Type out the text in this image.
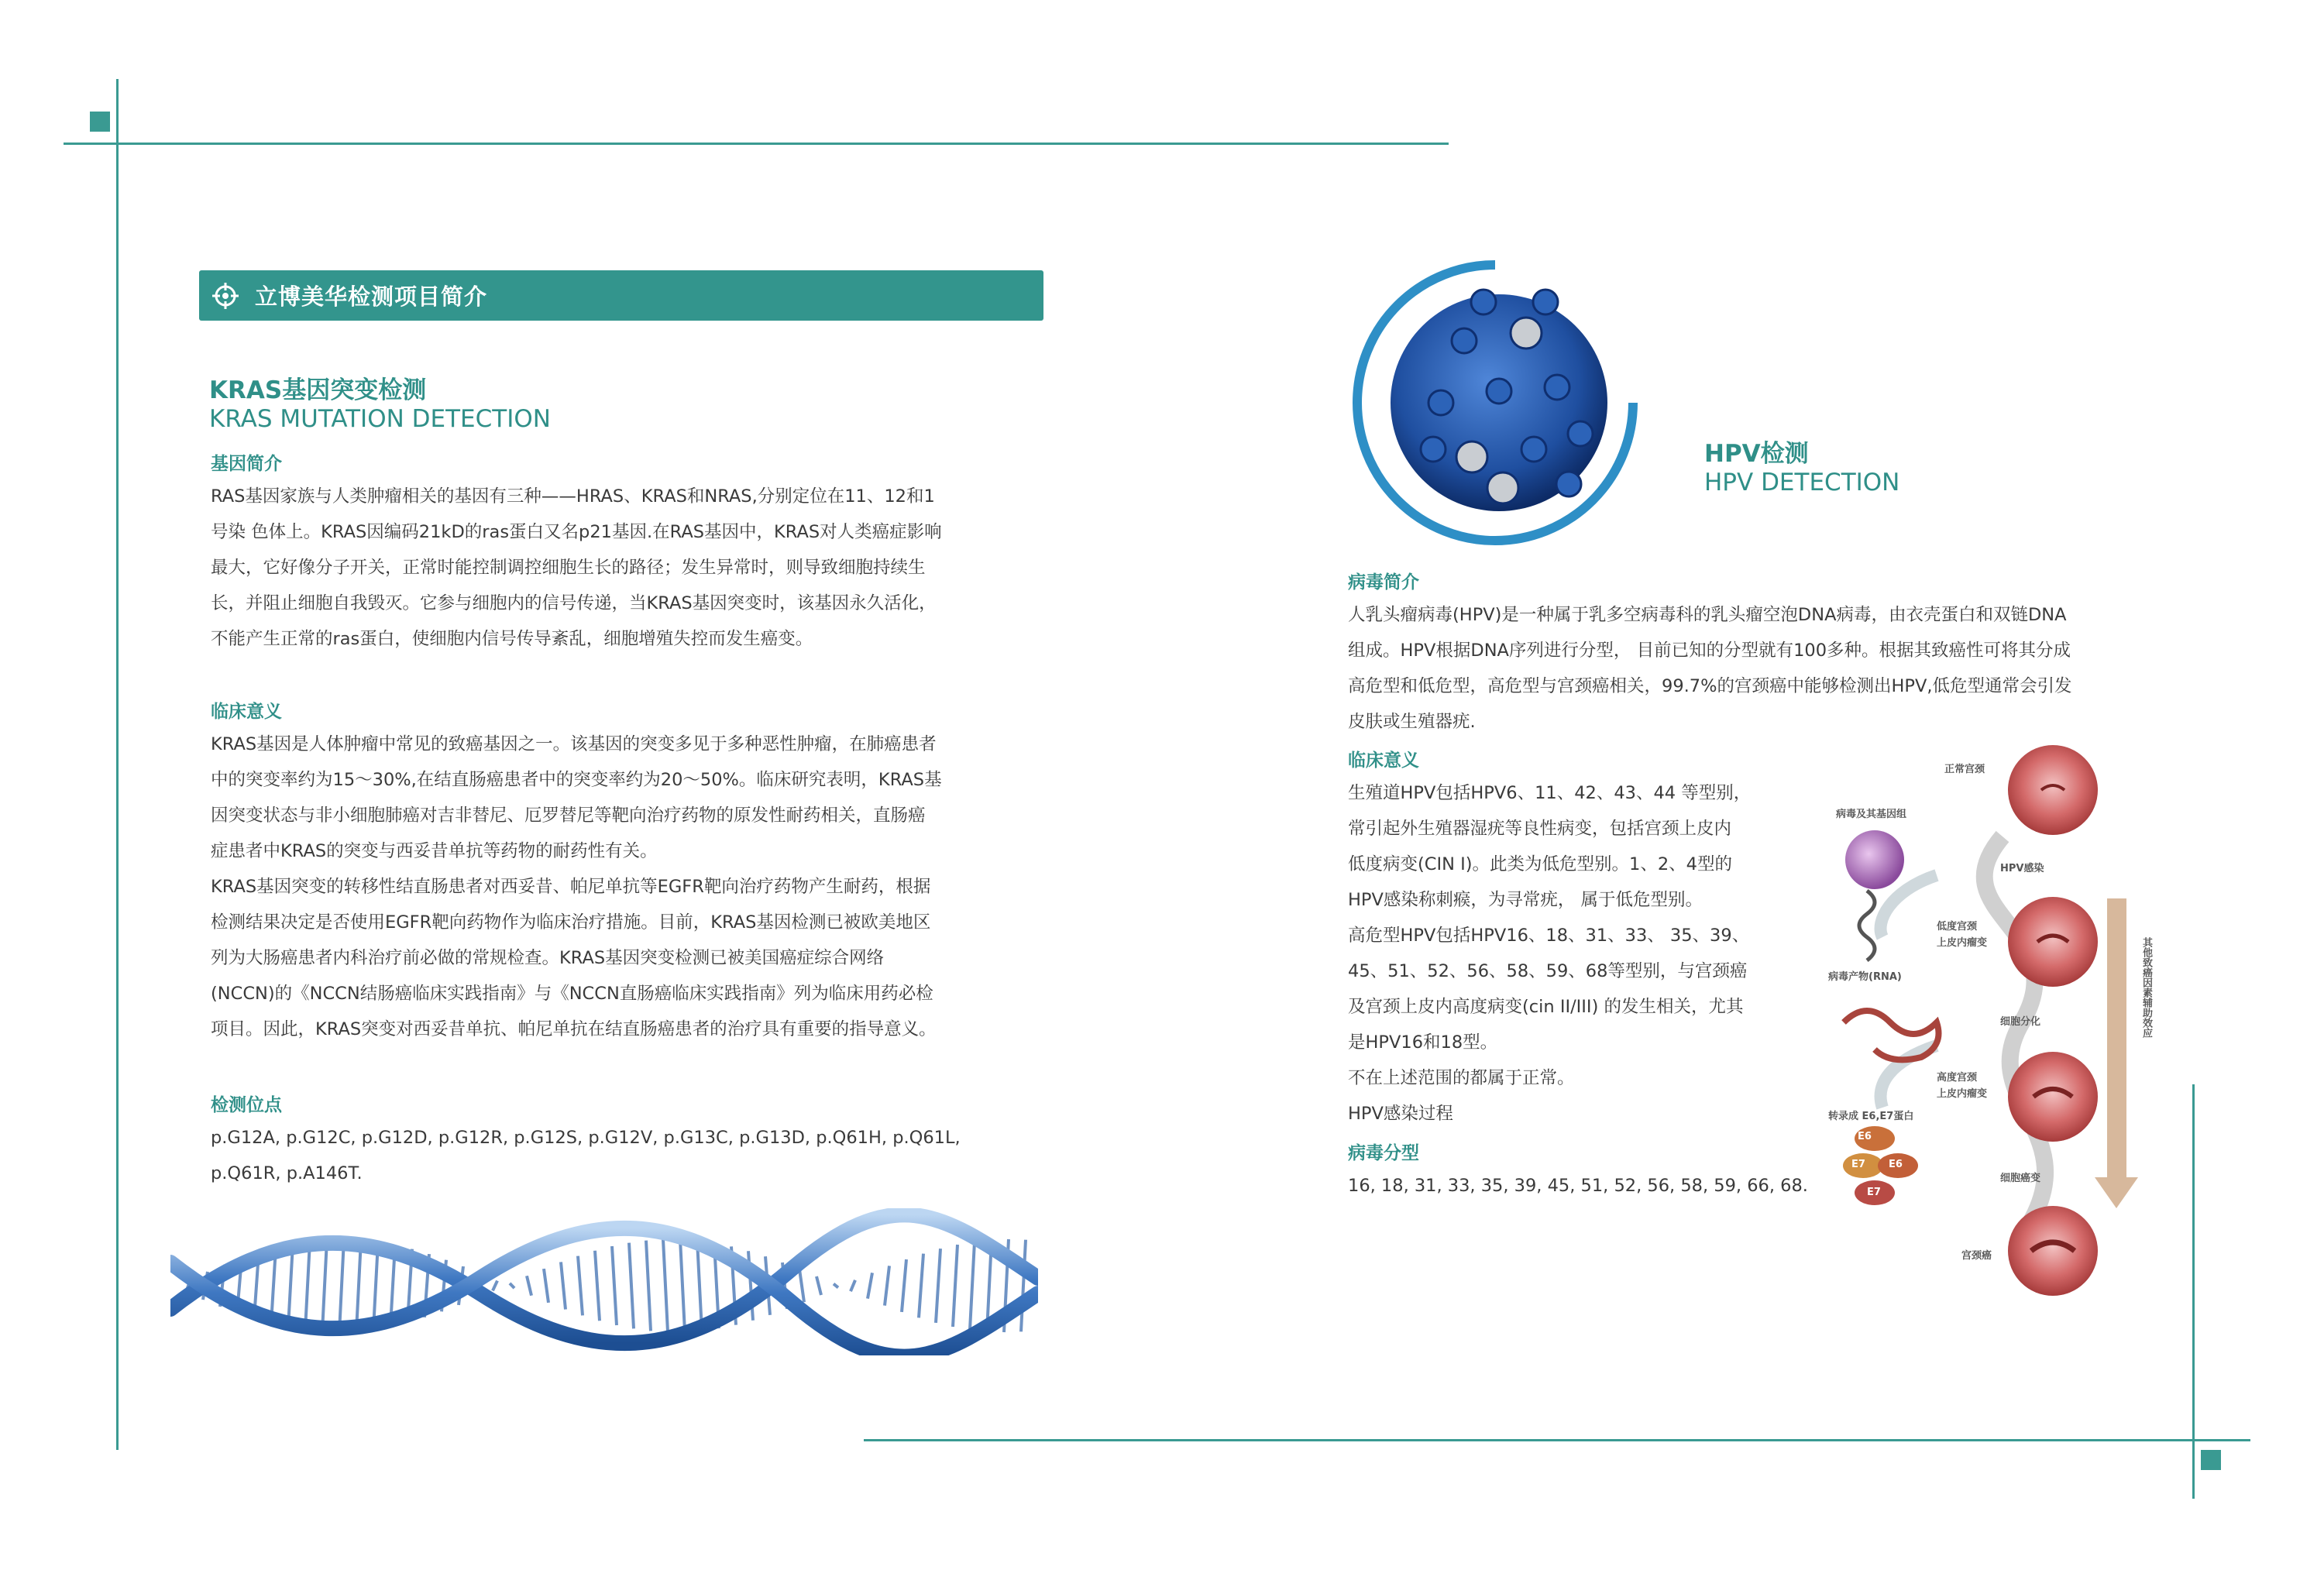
立博美华检测项目简介
KRAS基因突变检测
KRAS MUTATION DETECTION
基因简介

RAS基因家族与人类肿瘤相关的基因有三种——HRAS、KRAS和NRAS,分别定位在11、12和1

号染 色体上。KRAS因编码21kD的ras蛋白又名p21基因.在RAS基因中，KRAS对人类癌症影响

最大，它好像分子开关，正常时能控制调控细胞生长的路径；发生异常时，则导致细胞持续生

长，并阻止细胞自我毁灭。它参与细胞内的信号传递，当KRAS基因突变时，该基因永久活化，

不能产生正常的ras蛋白，使细胞内信号传导紊乱，细胞增殖失控而发生癌变。

临床意义

KRAS基因是人体肿瘤中常见的致癌基因之一。该基因的突变多见于多种恶性肿瘤，在肺癌患者

中的突变率约为15～30%,在结直肠癌患者中的突变率约为20～50%。临床研究表明，KRAS基

因突变状态与非小细胞肺癌对吉非替尼、厄罗替尼等靶向治疗药物的原发性耐药相关，直肠癌

症患者中KRAS的突变与西妥昔单抗等药物的耐药性有关。

KRAS基因突变的转移性结直肠患者对西妥昔、帕尼单抗等EGFR靶向治疗药物产生耐药，根据

检测结果决定是否使用EGFR靶向药物作为临床治疗措施。目前，KRAS基因检测已被欧美地区

列为大肠癌患者内科治疗前必做的常规检查。KRAS基因突变检测已被美国癌症综合网络

(NCCN)的《NCCN结肠癌临床实践指南》与《NCCN直肠癌临床实践指南》列为临床用药必检

项目。因此，KRAS突变对西妥昔单抗、帕尼单抗在结直肠癌患者的治疗具有重要的指导意义。

检测位点

p.G12A, p.G12C, p.G12D, p.G12R, p.G12S, p.G12V, p.G13C, p.G13D, p.Q61H, p.Q61L,

p.Q61R, p.A146T.

HPV检测
HPV DETECTION
病毒简介

人乳头瘤病毒(HPV)是一种属于乳多空病毒科的乳头瘤空泡DNA病毒，由衣壳蛋白和双链DNA

组成。HPV根据DNA序列进行分型， 目前已知的分型就有100多种。根据其致癌性可将其分成

高危型和低危型，高危型与宫颈癌相关，99.7%的宫颈癌中能够检测出HPV,低危型通常会引发

皮肤或生殖器疣.

临床意义

生殖道HPV包括HPV6、11、42、43、44 等型别，

常引起外生殖器湿疣等良性病变，包括宫颈上皮内

低度病变(CIN I)。此类为低危型别。1、2、4型的

HPV感染称刺瘊，为寻常疣， 属于低危型别。

高危型HPV包括HPV16、18、31、33、 35、39、

45、51、52、56、58、59、68等型别，与宫颈癌

及宫颈上皮内高度病变(cin II/III) 的发生相关，尤其

是HPV16和18型。

不在上述范围的都属于正常。

HPV感染过程

病毒分型

16, 18, 31, 33, 35, 39, 45, 51, 52, 56, 58, 59, 66, 68.

病毒及其基因组
病毒产物(RNA)
转录成 E6,E7蛋白
E6
E7 E6
E7
正常宫颈
HPV感染
低度宫颈
上皮内瘤变
细胞分化
高度宫颈
上皮内瘤变
细胞癌变
宫颈癌
其他致癌因素辅助效应
